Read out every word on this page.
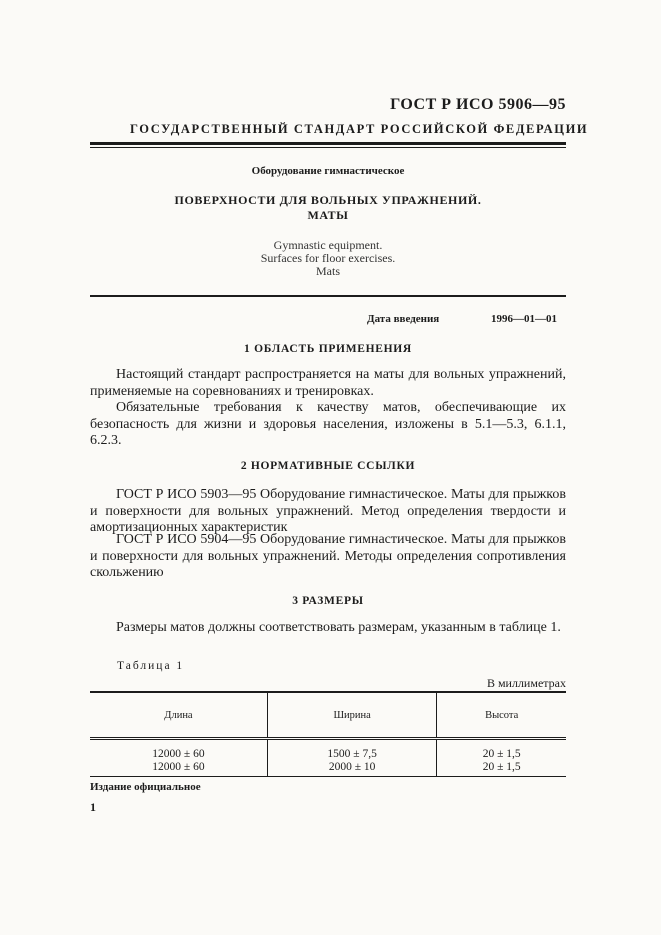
ГОСТ Р ИСО 5906—95
ГОСУДАРСТВЕННЫЙ СТАНДАРТ РОССИЙСКОЙ ФЕДЕРАЦИИ
Оборудование гимнастическое
ПОВЕРХНОСТИ ДЛЯ ВОЛЬНЫХ УПРАЖНЕНИЙ.
МАТЫ
Gymnastic equipment.
Surfaces for floor exercises.
Mats
Дата введения	1996—01—01
1 ОБЛАСТЬ ПРИМЕНЕНИЯ
Настоящий стандарт распространяется на маты для вольных упражнений, применяемые на соревнованиях и тренировках.
Обязательные требования к качеству матов, обеспечивающие их безопасность для жизни и здоровья населения, изложены в 5.1—5.3, 6.1.1, 6.2.3.
2 НОРМАТИВНЫЕ ССЫЛКИ
ГОСТ Р ИСО 5903—95 Оборудование гимнастическое. Маты для прыжков и поверхности для вольных упражнений. Метод определения твердости и амортизационных характеристик
ГОСТ Р ИСО 5904—95 Оборудование гимнастическое. Маты для прыжков и поверхности для вольных упражнений. Методы определения сопротивления скольжению
3 РАЗМЕРЫ
Размеры матов должны соответствовать размерам, указанным в таблице 1.
Таблица 1
В миллиметрах
Длина	Ширина	Высота
12000 ± 60	1500 ± 7,5	20 ± 1,5
12000 ± 60	2000 ± 10	20 ± 1,5
Издание официальное
1
